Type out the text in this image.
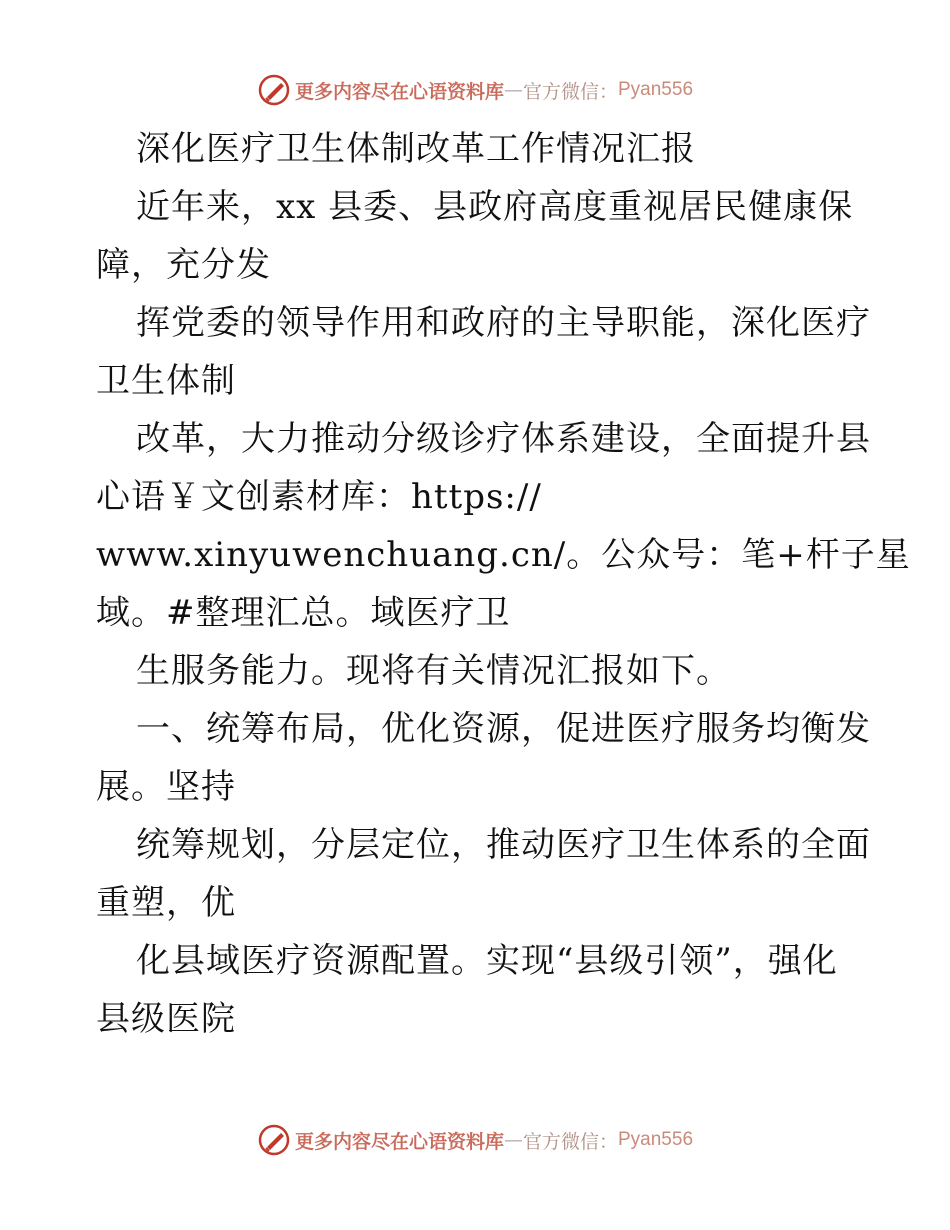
更多内容尽在心语资料库 — 官方微信： Pyan556
深化医疗卫生体制改革工作情况汇报
近年来，xx 县委、县政府高度重视居民健康保
障，充分发
挥党委的领导作用和政府的主导职能，深化医疗
卫生体制
改革，大力推动分级诊疗体系建设，全面提升县
心语￥文创素材库：https://
www.xinyuwenchuang.cn/。公众号：笔+杆子星
域。#整理汇总。域医疗卫
生服务能力。现将有关情况汇报如下。
一、统筹布局，优化资源，促进医疗服务均衡发
展。坚持
统筹规划，分层定位，推动医疗卫生体系的全面
重塑，优
化县域医疗资源配置。实现“县级引领”，强化
县级医院
更多内容尽在心语资料库 — 官方微信： Pyan556
